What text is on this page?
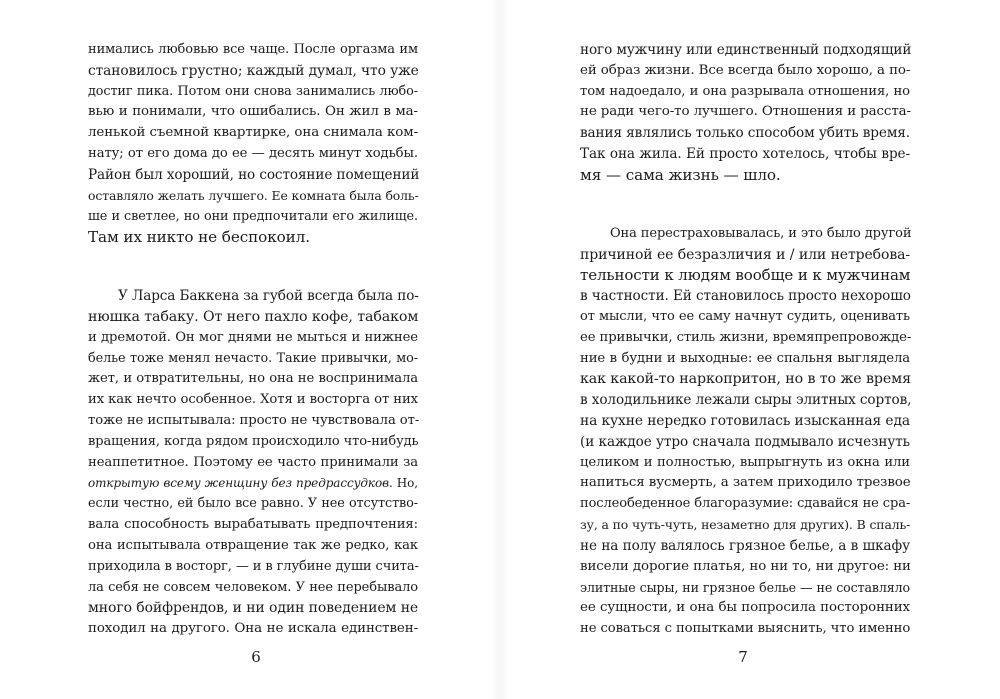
нимались любовью все чаще. После оргазма им
становилось грустно; каждый думал, что уже
достиг пика. Потом они снова занимались любо-
вью и понимали, что ошибались. Он жил в ма-
ленькой съемной квартирке, она снимала ком-
нату; от его дома до ее — десять минут ходьбы.
Район был хороший, но состояние помещений
оставляло желать лучшего. Ее комната была боль-
ше и светлее, но они предпочитали его жилище.
Там их никто не беспокоил.
У Ларса Баккена за губой всегда была по-
нюшка табаку. От него пахло кофе, табаком
и дремотой. Он мог днями не мыться и нижнее
белье тоже менял нечасто. Такие привычки, мо-
жет, и отвратительны, но она не воспринимала
их как нечто особенное. Хотя и восторга от них
тоже не испытывала: просто не чувствовала от-
вращения, когда рядом происходило что-нибудь
неаппетитное. Поэтому ее часто принимали за
открытую всему женщину без предрассудков. Но,
если честно, ей было все равно. У нее отсутство-
вала способность вырабатывать предпочтения:
она испытывала отвращение так же редко, как
приходила в восторг, — и в глубине души счита-
ла себя не совсем человеком. У нее перебывало
много бойфрендов, и ни один поведением не
походил на другого. Она не искала единствен-
6
ного мужчину или единственный подходящий
ей образ жизни. Все всегда было хорошо, а по-
том надоедало, и она разрывала отношения, но
не ради чего-то лучшего. Отношения и расста-
вания являлись только способом убить время.
Так она жила. Ей просто хотелось, чтобы вре-
мя — сама жизнь — шло.
Она перестраховывалась, и это было другой
причиной ее безразличия и / или нетребова-
тельности к людям вообще и к мужчинам
в частности. Ей становилось просто нехорошо
от мысли, что ее саму начнут судить, оценивать
ее привычки, стиль жизни, времяпрепровожде-
ние в будни и выходные: ее спальня выглядела
как какой-то наркопритон, но в то же время
в холодильнике лежали сыры элитных сортов,
на кухне нередко готовилась изысканная еда
(и каждое утро сначала подмывало исчезнуть
целиком и полностью, выпрыгнуть из окна или
напиться вусмерть, а затем приходило трезвое
послеобеденное благоразумие: сдавайся не сра-
зу, а по чуть-чуть, незаметно для других). В спаль-
не на полу валялось грязное белье, а в шкафу
висели дорогие платья, но ни то, ни другое: ни
элитные сыры, ни грязное белье — не составляло
ее сущности, и она бы попросила посторонних
не соваться с попытками выяснить, что именно
7
